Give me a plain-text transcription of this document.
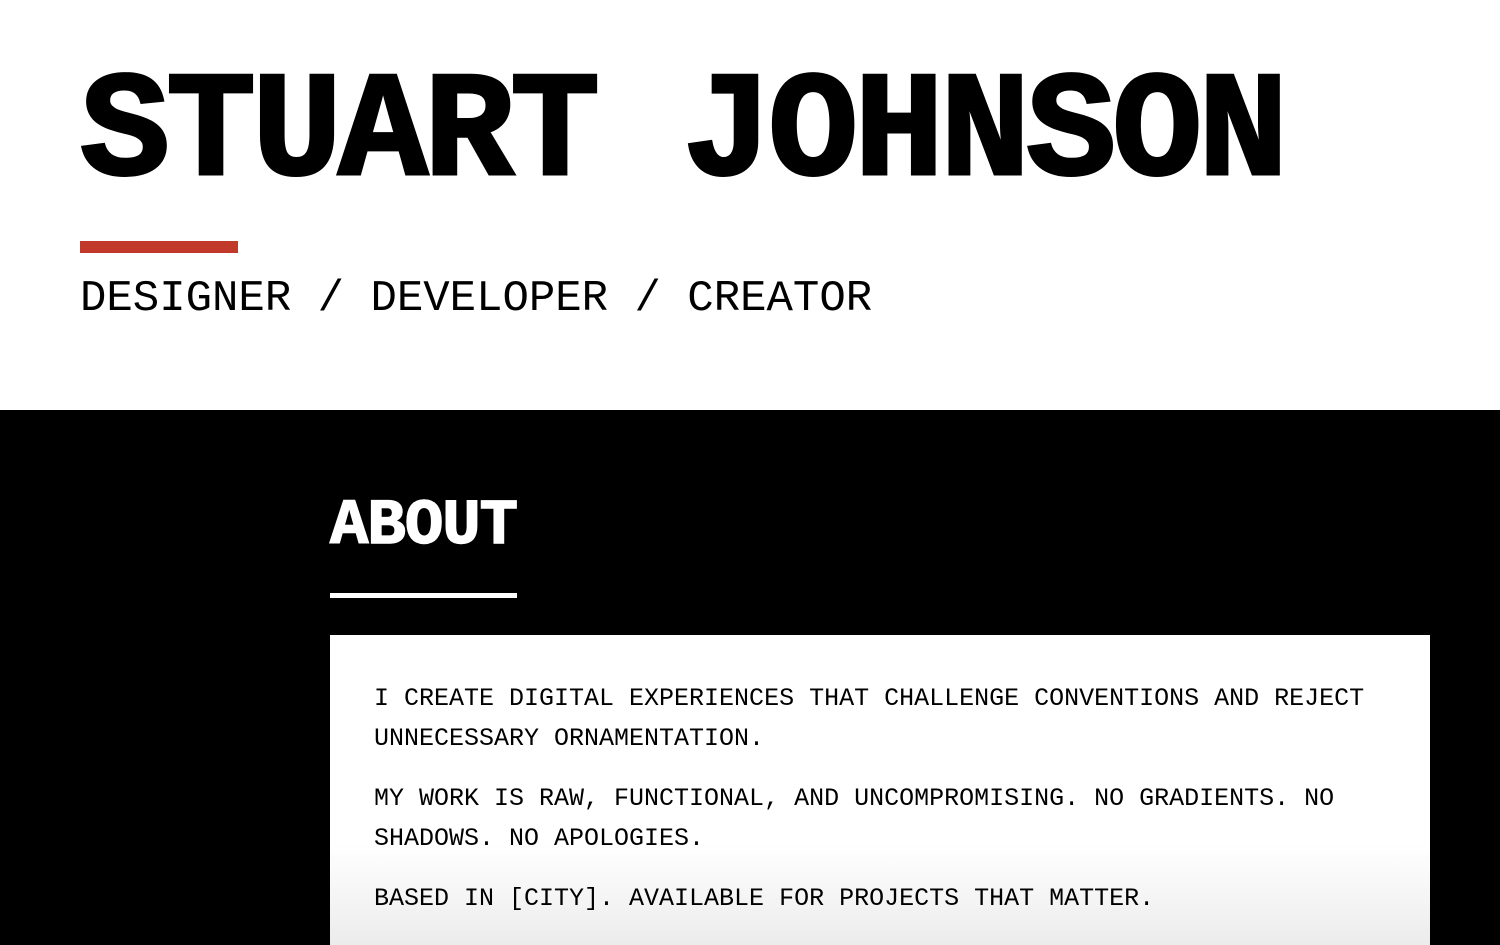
STUART JOHNSON
DESIGNER / DEVELOPER / CREATOR
ABOUT

I CREATE DIGITAL EXPERIENCES THAT CHALLENGE CONVENTIONS AND REJECT UNNECESSARY ORNAMENTATION.

MY WORK IS RAW, FUNCTIONAL, AND UNCOMPROMISING. NO GRADIENTS. NO SHADOWS. NO APOLOGIES.

BASED IN [CITY]. AVAILABLE FOR PROJECTS THAT MATTER.
